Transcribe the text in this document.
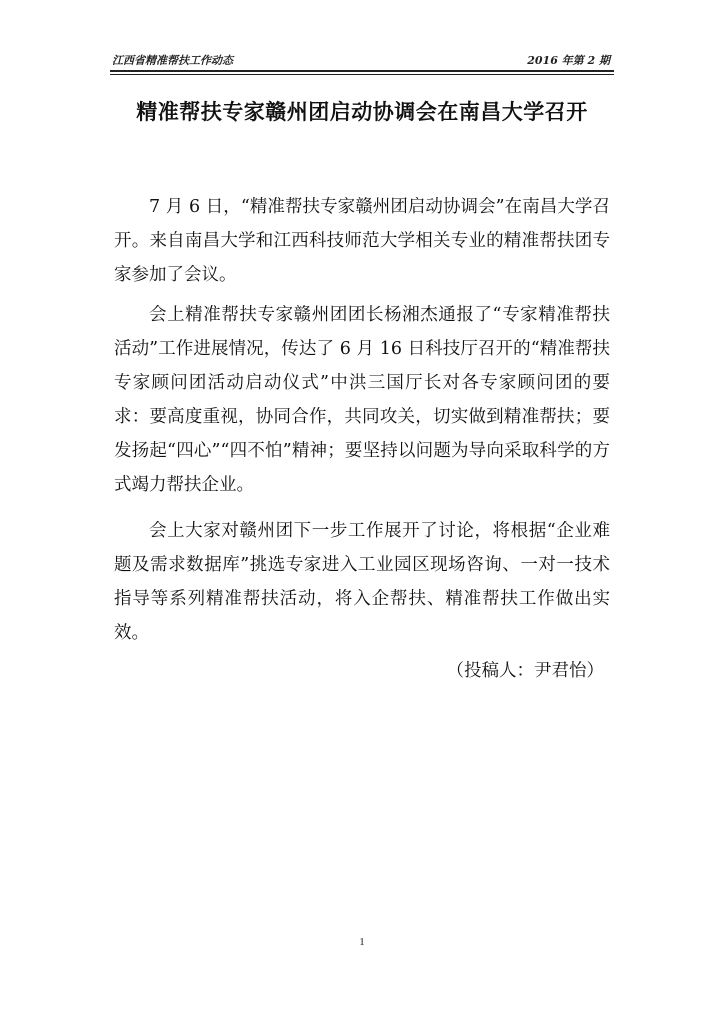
江西省精准帮扶工作动态	2016 年第 2 期
精准帮扶专家赣州团启动协调会在南昌大学召开

7 月 6 日，“精准帮扶专家赣州团启动协调会”在南昌大学召开。来自南昌大学和江西科技师范大学相关专业的精准帮扶团专家参加了会议。

会上精准帮扶专家赣州团团长杨湘杰通报了“专家精准帮扶活动”工作进展情况，传达了 6 月 16 日科技厅召开的“精准帮扶专家顾问团活动启动仪式”中洪三国厅长对各专家顾问团的要求：要高度重视，协同合作，共同攻关，切实做到精准帮扶；要发扬起“四心”“四不怕”精神；要坚持以问题为导向采取科学的方式竭力帮扶企业。

会上大家对赣州团下一步工作展开了讨论，将根据“企业难题及需求数据库”挑选专家进入工业园区现场咨询、一对一技术指导等系列精准帮扶活动，将入企帮扶、精准帮扶工作做出实效。

（投稿人：尹君怡）

1
